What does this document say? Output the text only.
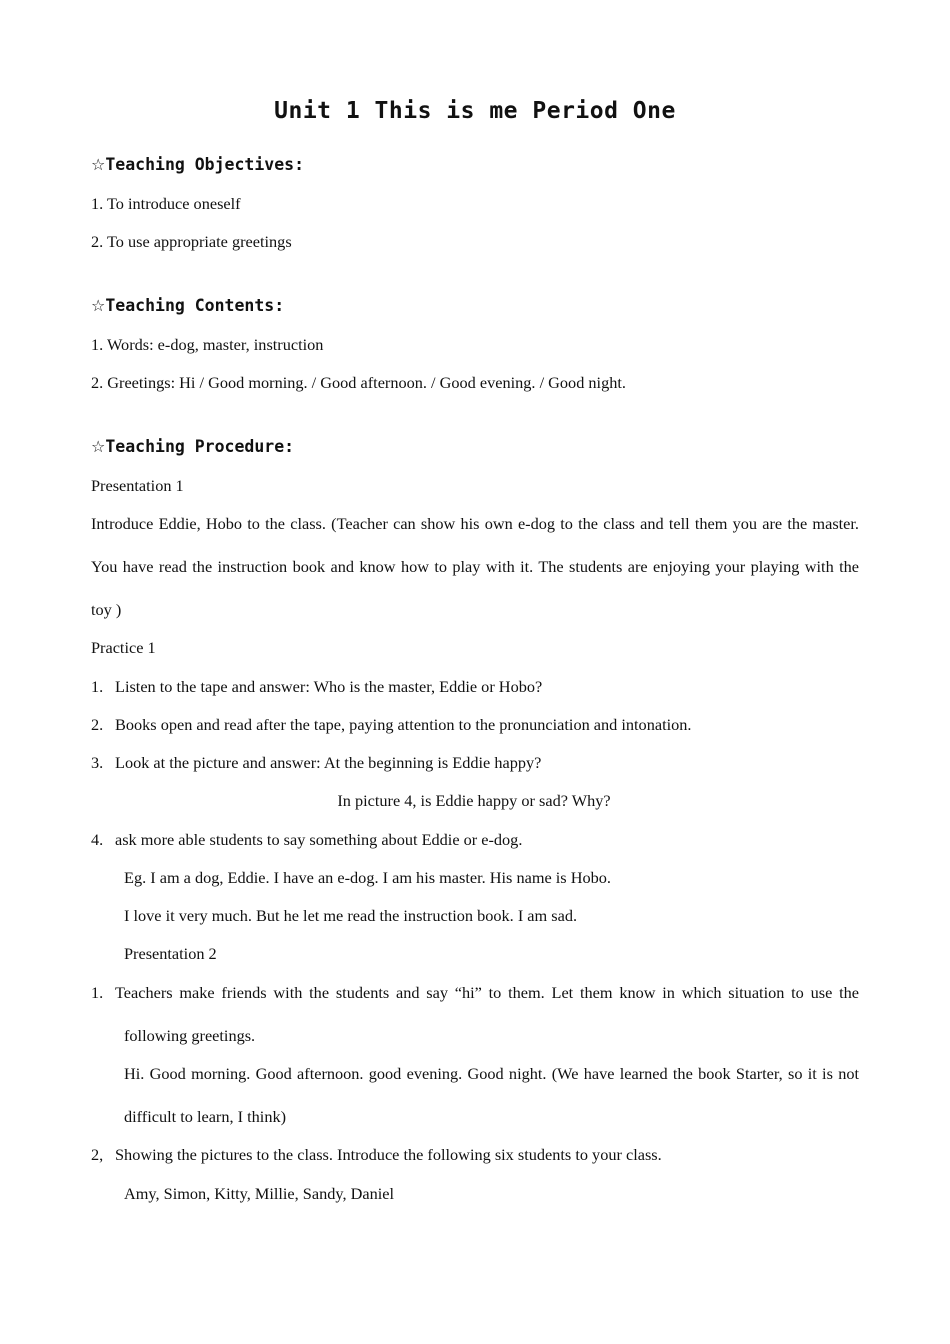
Unit 1 This is me Period One
☆Teaching Objectives:
1. To introduce oneself
2. To use appropriate greetings
☆Teaching Contents:
1. Words: e-dog, master, instruction
2. Greetings: Hi / Good morning. / Good afternoon. / Good evening. / Good night.
☆Teaching Procedure:
Presentation 1
Introduce Eddie, Hobo to the class. (Teacher can show his own e-dog to the class and tell them you are the master.
You have read the instruction book and know how to play with it. The students are enjoying your playing with the
toy )
Practice 1
1. Listen to the tape and answer: Who is the master, Eddie or Hobo?
2. Books open and read after the tape, paying attention to the pronunciation and intonation.
3. Look at the picture and answer: At the beginning is Eddie happy?
In picture 4, is Eddie happy or sad? Why?
4. ask more able students to say something about Eddie or e-dog.
Eg. I am a dog, Eddie. I have an e-dog. I am his master. His name is Hobo.
I love it very much. But he let me read the instruction book. I am sad.
Presentation 2
1. Teachers make friends with the students and say “hi” to them. Let them know in which situation to use the
following greetings.
Hi. Good morning. Good afternoon. good evening. Good night. (We have learned the book Starter, so it is not
difficult to learn, I think)
2, Showing the pictures to the class. Introduce the following six students to your class.
Amy, Simon, Kitty, Millie, Sandy, Daniel
